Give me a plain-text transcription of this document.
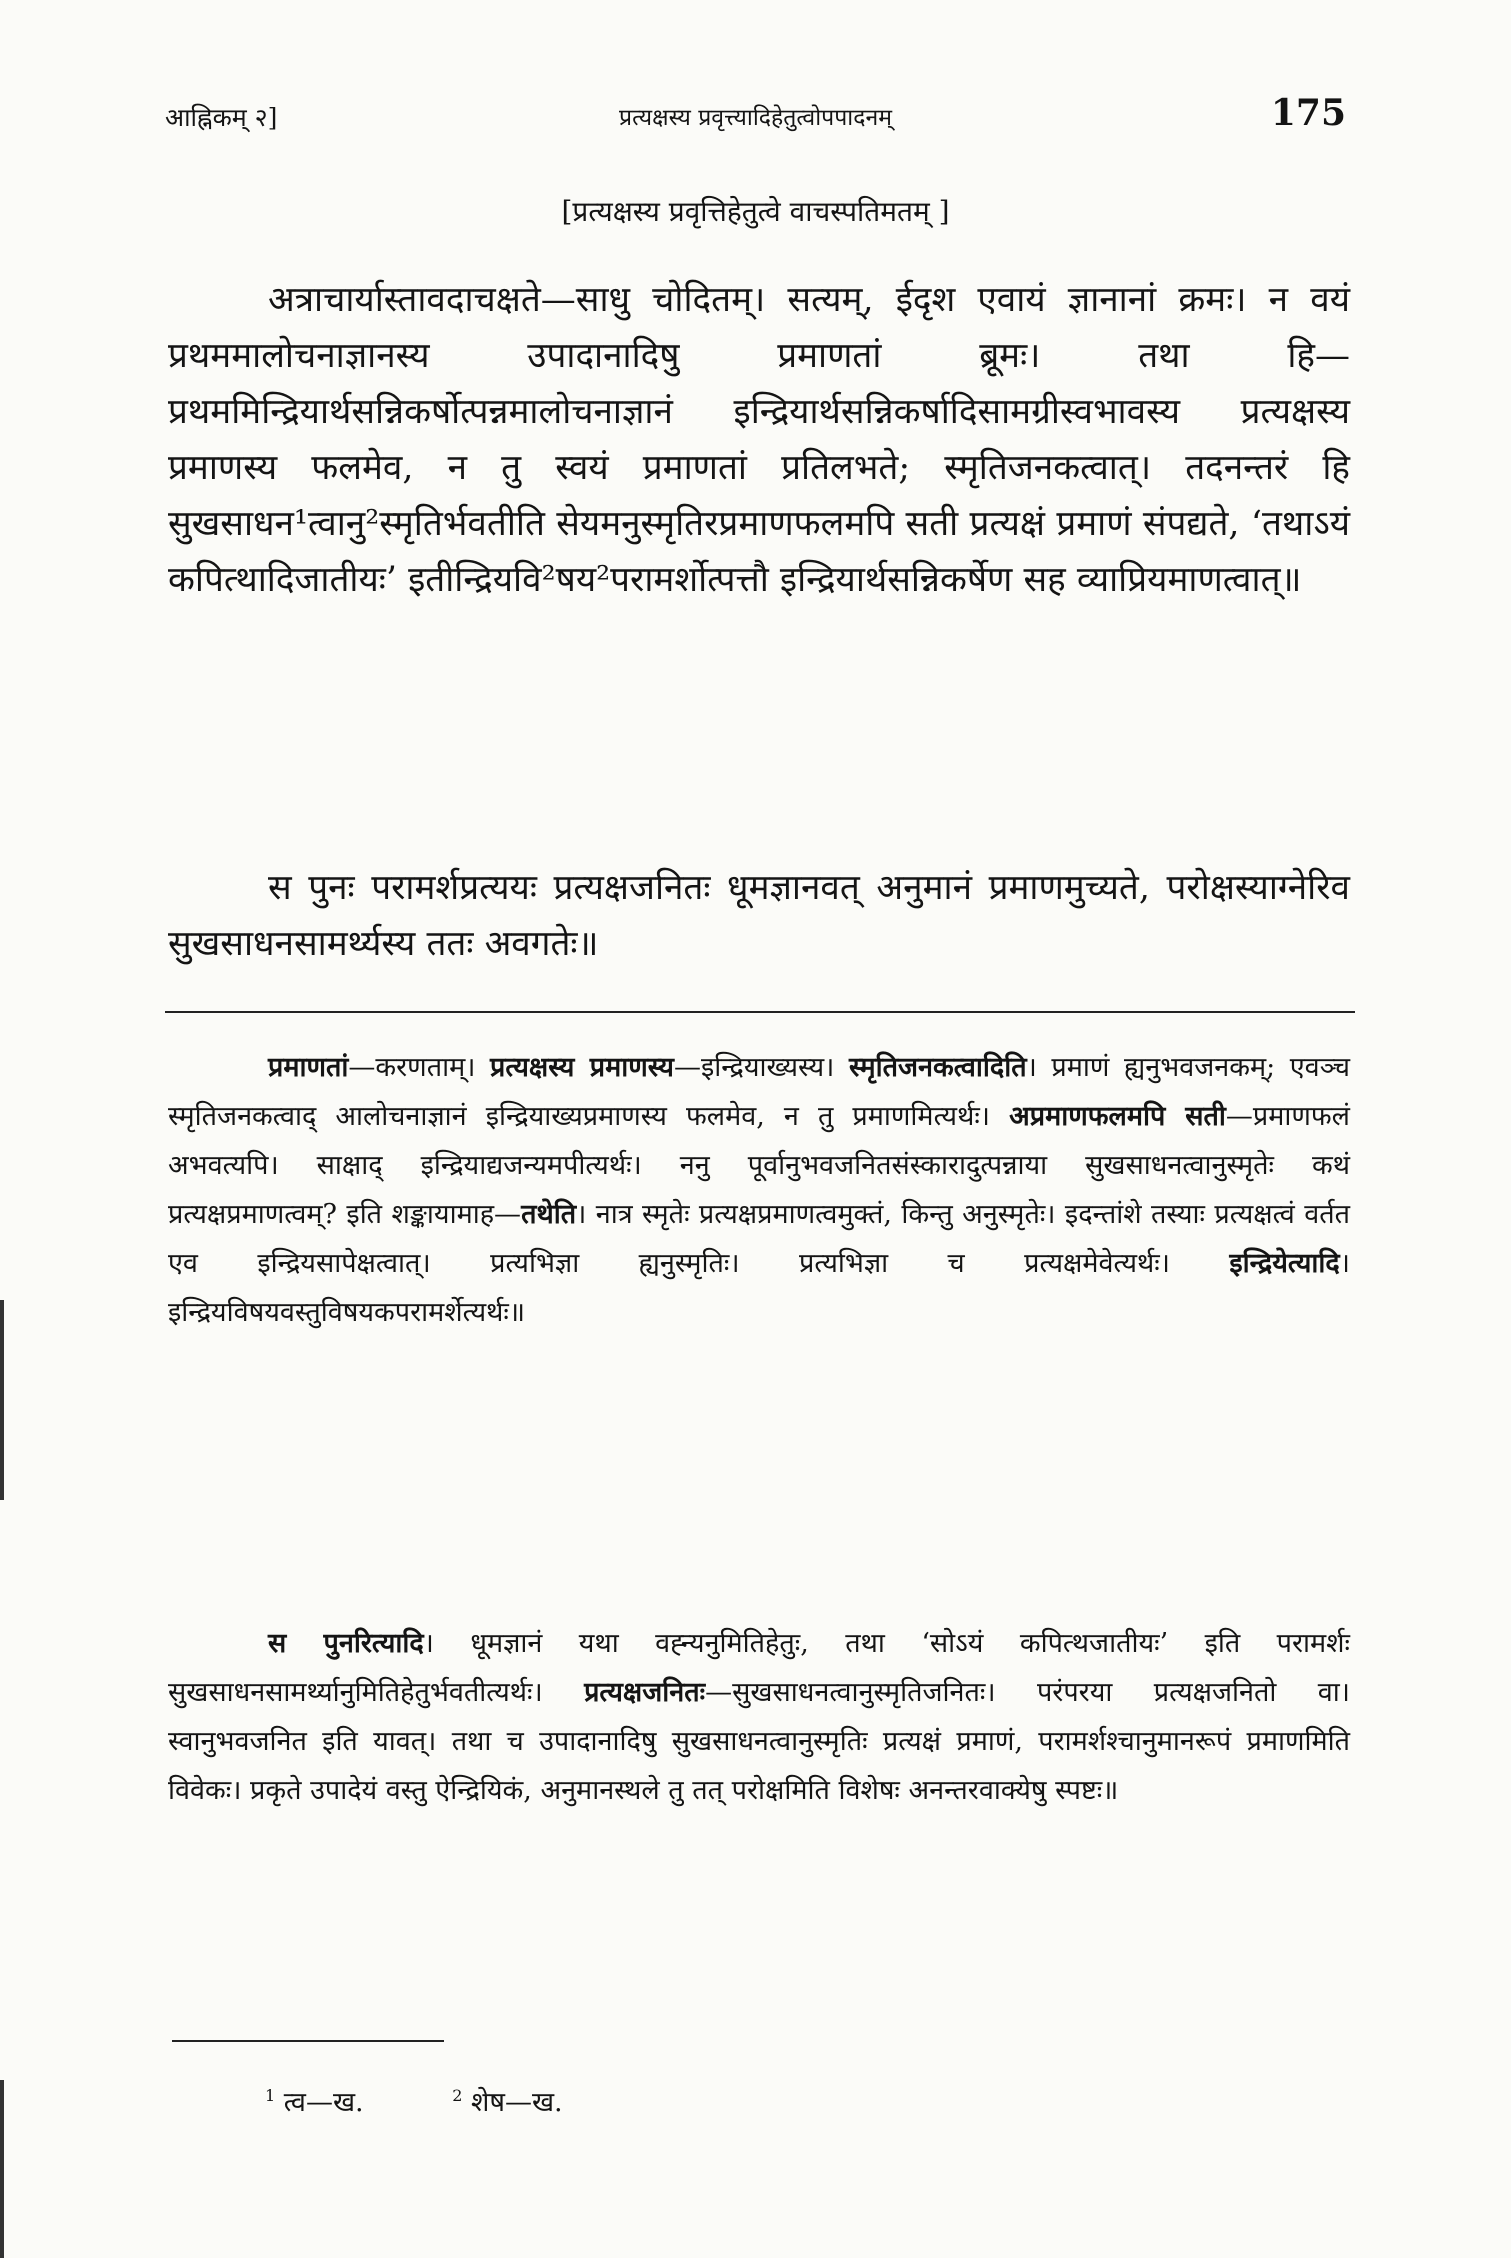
आह्निकम् २]	प्रत्यक्षस्य प्रवृत्त्यादिहेतुत्वोपपादनम्	175
[प्रत्यक्षस्य प्रवृत्तिहेतुत्वे वाचस्पतिमतम् ]

अत्राचार्यास्तावदाचक्षते—साधु चोदितम्। सत्यम्, ईदृश एवायं ज्ञानानां क्रमः। न वयं प्रथममालोचनाज्ञानस्य उपादानादिषु प्रमाणतां ब्रूमः। तथा हि—प्रथममिन्द्रियार्थसन्निकर्षोत्पन्नमालोचनाज्ञानं इन्द्रियार्थसन्निकर्षादिसामग्रीस्वभावस्य प्रत्यक्षस्य प्रमाणस्य फलमेव, न तु स्वयं प्रमाणतां प्रतिलभते; स्मृतिजनकत्वात्। तदनन्तरं हि सुखसाधन¹त्वानु²स्मृतिर्भवतीति सेयमनुस्मृतिरप्रमाणफलमपि सती प्रत्यक्षं प्रमाणं संपद्यते, ‘तथाऽयं कपित्थादिजातीयः’ इतीन्द्रियवि²षय²परामर्शोत्पत्तौ इन्द्रियार्थसन्निकर्षेण सह व्याप्रियमाणत्वात्॥

स पुनः परामर्शप्रत्ययः प्रत्यक्षजनितः धूमज्ञानवत् अनुमानं प्रमाणमुच्यते, परोक्षस्याग्नेरिव सुखसाधनसामर्थ्यस्य ततः अवगतेः॥

प्रमाणतां—करणताम्। प्रत्यक्षस्य प्रमाणस्य—इन्द्रियाख्यस्य। स्मृतिजनकत्वादिति। प्रमाणं ह्यनुभवजनकम्; एवञ्च स्मृतिजनकत्वाद् आलोचनाज्ञानं इन्द्रियाख्यप्रमाणस्य फलमेव, न तु प्रमाणमित्यर्थः। अप्रमाणफलमपि सती—प्रमाणफलं अभवत्यपि। साक्षाद् इन्द्रियाद्यजन्यमपीत्यर्थः। ननु पूर्वानुभवजनितसंस्कारादुत्पन्नाया सुखसाधनत्वानुस्मृतेः कथं प्रत्यक्षप्रमाणत्वम्? इति शङ्कायामाह—तथेति। नात्र स्मृतेः प्रत्यक्षप्रमाणत्वमुक्तं, किन्तु अनुस्मृतेः। इदन्तांशे तस्याः प्रत्यक्षत्वं वर्तत एव इन्द्रियसापेक्षत्वात्। प्रत्यभिज्ञा ह्यनुस्मृतिः। प्रत्यभिज्ञा च प्रत्यक्षमेवेत्यर्थः। इन्द्रियेत्यादि। इन्द्रियविषयवस्तुविषयकपरामर्शेत्यर्थः॥

स पुनरित्यादि। धूमज्ञानं यथा वह्न्यनुमितिहेतुः, तथा ‘सोऽयं कपित्थजातीयः’ इति परामर्शः सुखसाधनसामर्थ्यानुमितिहेतुर्भवतीत्यर्थः। प्रत्यक्षजनितः—सुखसाधनत्वानुस्मृतिजनितः। परंपरया प्रत्यक्षजनितो वा। स्वानुभवजनित इति यावत्। तथा च उपादानादिषु सुखसाधनत्वानुस्मृतिः प्रत्यक्षं प्रमाणं, परामर्शश्चानुमानरूपं प्रमाणमिति विवेकः। प्रकृते उपादेयं वस्तु ऐन्द्रियिकं, अनुमानस्थले तु तत् परोक्षमिति विशेषः अनन्तरवाक्येषु स्पष्टः॥

$^1$ त्व—ख.	$^2$ शेष—ख.
